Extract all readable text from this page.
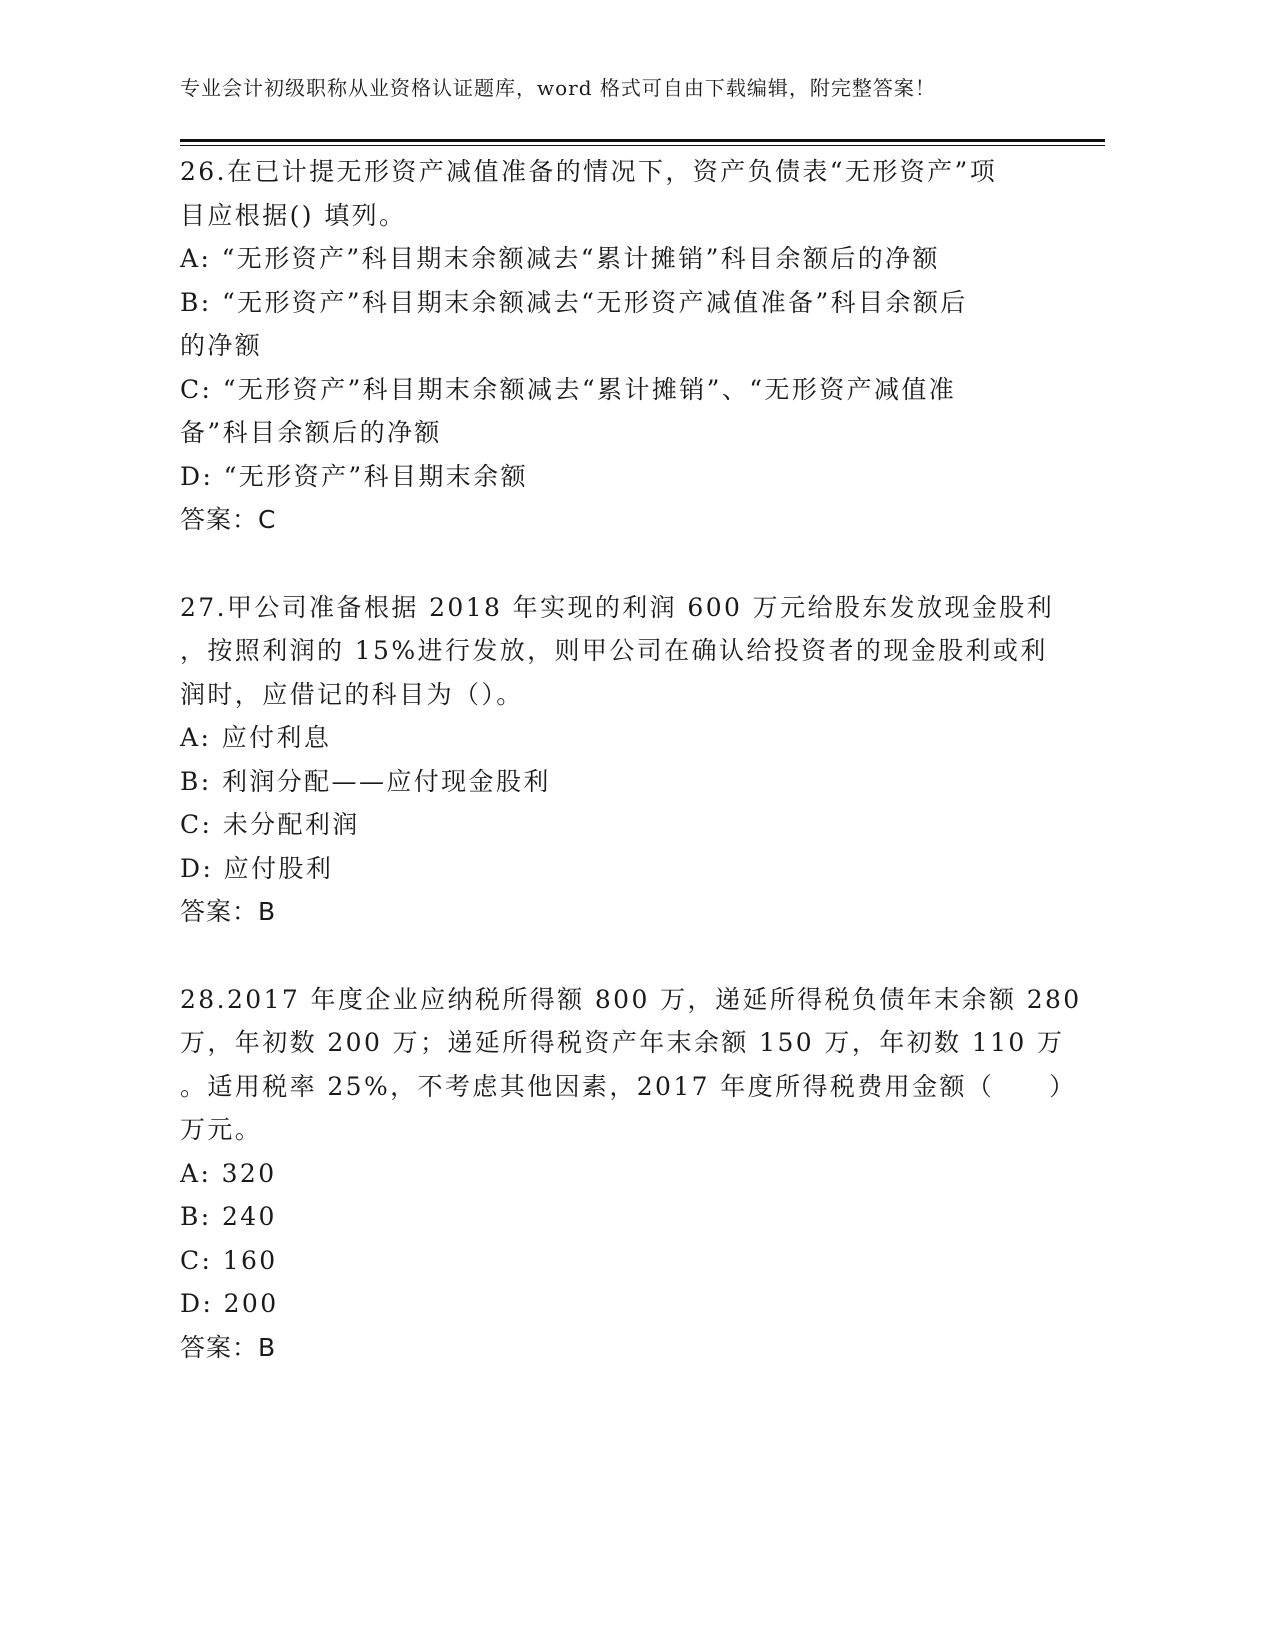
专业会计初级职称从业资格认证题库，word 格式可自由下载编辑，附完整答案！
26.在已计提无形资产减值准备的情况下，资产负债表“无形资产”项
目应根据() 填列。
A: “无形资产”科目期末余额减去“累计摊销”科目余额后的净额
B: “无形资产”科目期末余额减去“无形资产减值准备”科目余额后
的净额
C: “无形资产”科目期末余额减去“累计摊销”、“无形资产减值准
备”科目余额后的净额
D: “无形资产”科目期末余额
答案：C
27.甲公司准备根据 2018 年实现的利润 600 万元给股东发放现金股利
，按照利润的 15%进行发放，则甲公司在确认给投资者的现金股利或利
润时，应借记的科目为（）。
A: 应付利息
B: 利润分配——应付现金股利
C: 未分配利润
D: 应付股利
答案：B
28.2017 年度企业应纳税所得额 800 万，递延所得税负债年末余额 280
万，年初数 200 万；递延所得税资产年末余额 150 万，年初数 110 万
。适用税率 25%，不考虑其他因素，2017 年度所得税费用金额（　　）
万元。
A: 320
B: 240
C: 160
D: 200
答案：B
